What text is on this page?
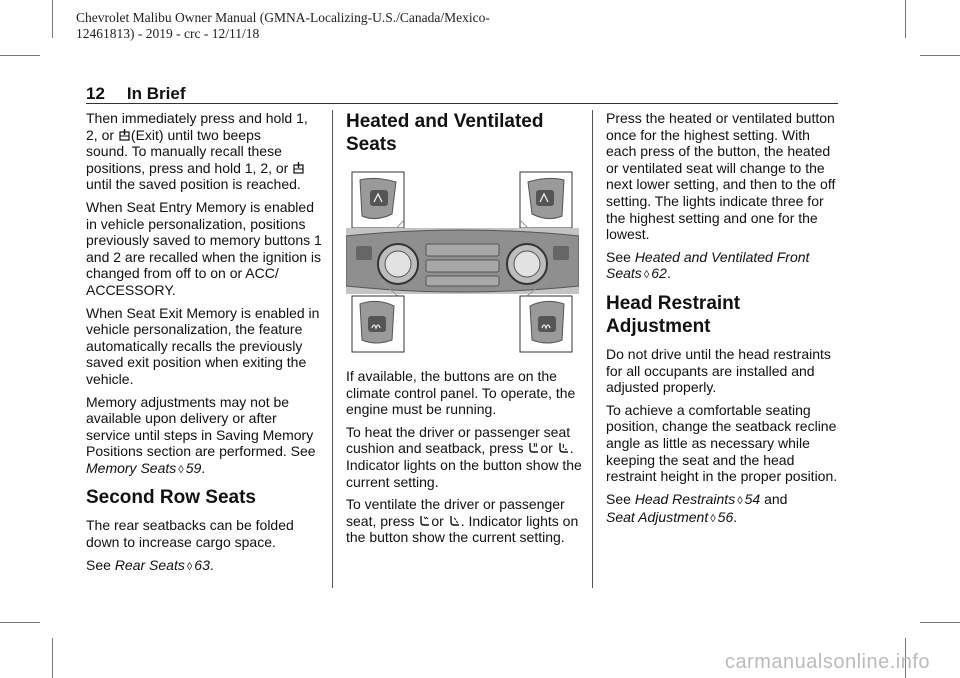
Chevrolet Malibu Owner Manual (GMNA-Localizing-U.S./Canada/Mexico-
12461813) - 2019 - crc - 12/11/18
12 In Brief

Then immediately press and hold 1,
2, or (Exit) until two beeps
sound. To manually recall these
positions, press and hold 1, 2, or

until the saved position is reached.

When Seat Entry Memory is enabled in vehicle personalization, positions previously saved to memory buttons 1 and 2 are recalled when the ignition is changed from off to on or ACC/ ACCESSORY.

When Seat Exit Memory is enabled in vehicle personalization, the feature automatically recalls the previously saved exit position when exiting the vehicle.

Memory adjustments may not be available upon delivery or after service until steps in Saving Memory Positions section are performed. See Memory Seats ◊ 59.

Second Row Seats

The rear seatbacks can be folded down to increase cargo space.

See Rear Seats ◊ 63.

Heated and Ventilated Seats

If available, the buttons are on the climate control panel. To operate, the engine must be running.

To heat the driver or passenger seat cushion and seatback, press or . Indicator lights on the button show the current setting.

To ventilate the driver or passenger seat, press or . Indicator lights on the button show the current setting.

Press the heated or ventilated button once for the highest setting. With each press of the button, the heated or ventilated seat will change to the next lower setting, and then to the off setting. The lights indicate three for the highest setting and one for the lowest.

See Heated and Ventilated Front Seats ◊ 62.

Head Restraint Adjustment

Do not drive until the head restraints for all occupants are installed and adjusted properly.

To achieve a comfortable seating position, change the seatback recline angle as little as necessary while keeping the seat and the head restraint height in the proper position.

See Head Restraints ◊ 54 and
Seat Adjustment ◊ 56.

carmanualsonline.info
